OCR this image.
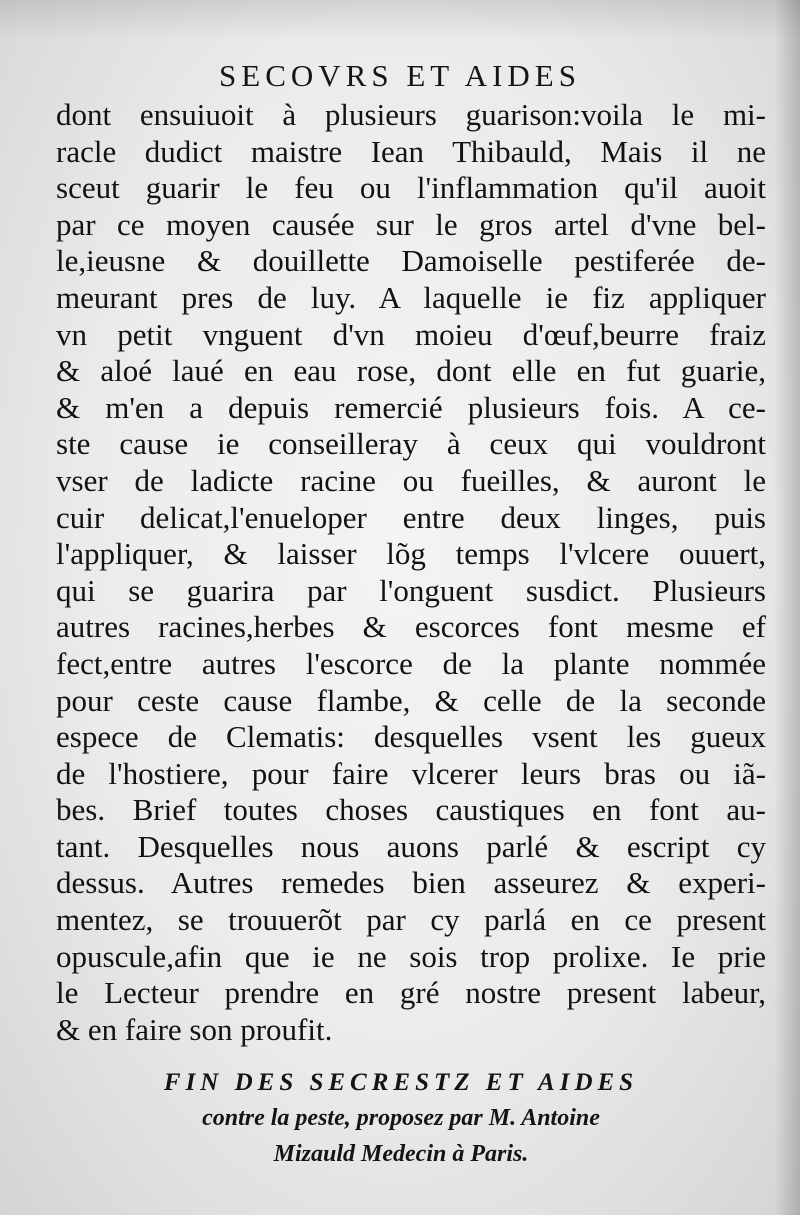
SECOVRS ET AIDES
dont ensuiuoit à plusieurs guarison:voila le mi-
racle dudict maistre Iean Thibauld, Mais il ne
sceut guarir le feu ou l'inflammation qu'il auoit
par ce moyen causée sur le gros artel d'vne bel-
le,ieusne & douillette Damoiselle pestiferée de-
meurant pres de luy. A laquelle ie fiz appliquer
vn petit vnguent d'vn moieu d'œuf,beurre fraiz
& aloé laué en eau rose, dont elle en fut guarie,
& m'en a depuis remercié plusieurs fois. A ce-
ste cause ie conseilleray à ceux qui vouldront
vser de ladicte racine ou fueilles, & auront le
cuir delicat,l'enueloper entre deux linges, puis
l'appliquer, & laisser lõg temps l'vlcere ouuert,
qui se guarira par l'onguent susdict. Plusieurs
autres racines,herbes & escorces font mesme ef
fect,entre autres l'escorce de la plante nommée
pour ceste cause flambe, & celle de la seconde
espece de Clematis: desquelles vsent les gueux
de l'hostiere, pour faire vlcerer leurs bras ou iã-
bes. Brief toutes choses caustiques en font au-
tant. Desquelles nous auons parlé & escript cy
dessus. Autres remedes bien asseurez & experi-
mentez, se trouuerõt par cy parlá en ce present
opuscule,afin que ie ne sois trop prolixe. Ie prie
le Lecteur prendre en gré nostre present labeur,
& en faire son proufit.
FIN DES SECRESTZ ET AIDES
contre la peste, proposez par M. Antoine
Mizauld Medecin à Paris.
